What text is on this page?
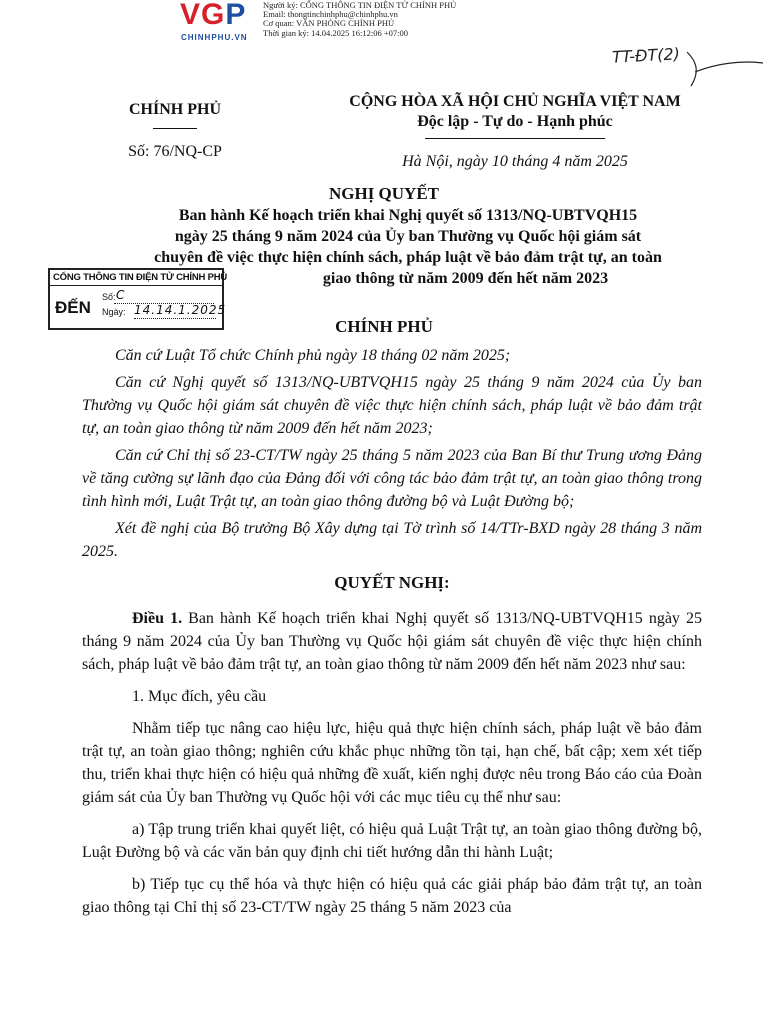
VGP
CHINHPHU.VN
Người ký: CỔNG THÔNG TIN ĐIỆN TỬ CHÍNH PHỦ
Email: thongtinchinhphu@chinhphu.vn
Cơ quan: VĂN PHÒNG CHÍNH PHỦ
Thời gian ký: 14.04.2025 16:12:06 +07:00
TT-ĐT(2)
CHÍNH PHỦ
Số: 76/NQ-CP
CỘNG HÒA XÃ HỘI CHỦ NGHĨA VIỆT NAM
Độc lập - Tự do - Hạnh phúc
Hà Nội, ngày 10 tháng 4 năm 2025
NGHỊ QUYẾT
Ban hành Kế hoạch triển khai Nghị quyết số 1313/NQ-UBTVQH15
ngày 25 tháng 9 năm 2024 của Ủy ban Thường vụ Quốc hội giám sát
chuyên đề việc thực hiện chính sách, pháp luật về bảo đảm trật tự, an toàn
giao thông từ năm 2009 đến hết năm 2023
CỔNG THÔNG TIN ĐIỆN TỬ CHÍNH PHỦ
ĐẾN
Số: C
Ngày: 14.14.1.2025
CHÍNH PHỦ

Căn cứ Luật Tổ chức Chính phủ ngày 18 tháng 02 năm 2025;

Căn cứ Nghị quyết số 1313/NQ-UBTVQH15 ngày 25 tháng 9 năm 2024 của Ủy ban Thường vụ Quốc hội giám sát chuyên đề việc thực hiện chính sách, pháp luật về bảo đảm trật tự, an toàn giao thông từ năm 2009 đến hết năm 2023;

Căn cứ Chỉ thị số 23-CT/TW ngày 25 tháng 5 năm 2023 của Ban Bí thư Trung ương Đảng về tăng cường sự lãnh đạo của Đảng đối với công tác bảo đảm trật tự, an toàn giao thông trong tình hình mới, Luật Trật tự, an toàn giao thông đường bộ và Luật Đường bộ;

Xét đề nghị của Bộ trưởng Bộ Xây dựng tại Tờ trình số 14/TTr-BXD ngày 28 tháng 3 năm 2025.

QUYẾT NGHỊ:

Điều 1. Ban hành Kế hoạch triển khai Nghị quyết số 1313/NQ-UBTVQH15 ngày 25 tháng 9 năm 2024 của Ủy ban Thường vụ Quốc hội giám sát chuyên đề việc thực hiện chính sách, pháp luật về bảo đảm trật tự, an toàn giao thông từ năm 2009 đến hết năm 2023 như sau:

1. Mục đích, yêu cầu

Nhằm tiếp tục nâng cao hiệu lực, hiệu quả thực hiện chính sách, pháp luật về bảo đảm trật tự, an toàn giao thông; nghiên cứu khắc phục những tồn tại, hạn chế, bất cập; xem xét tiếp thu, triển khai thực hiện có hiệu quả những đề xuất, kiến nghị được nêu trong Báo cáo của Đoàn giám sát của Ủy ban Thường vụ Quốc hội với các mục tiêu cụ thể như sau:

a) Tập trung triển khai quyết liệt, có hiệu quả Luật Trật tự, an toàn giao thông đường bộ, Luật Đường bộ và các văn bản quy định chi tiết hướng dẫn thi hành Luật;

b) Tiếp tục cụ thể hóa và thực hiện có hiệu quả các giải pháp bảo đảm trật tự, an toàn giao thông tại Chỉ thị số 23-CT/TW ngày 25 tháng 5 năm 2023 của
